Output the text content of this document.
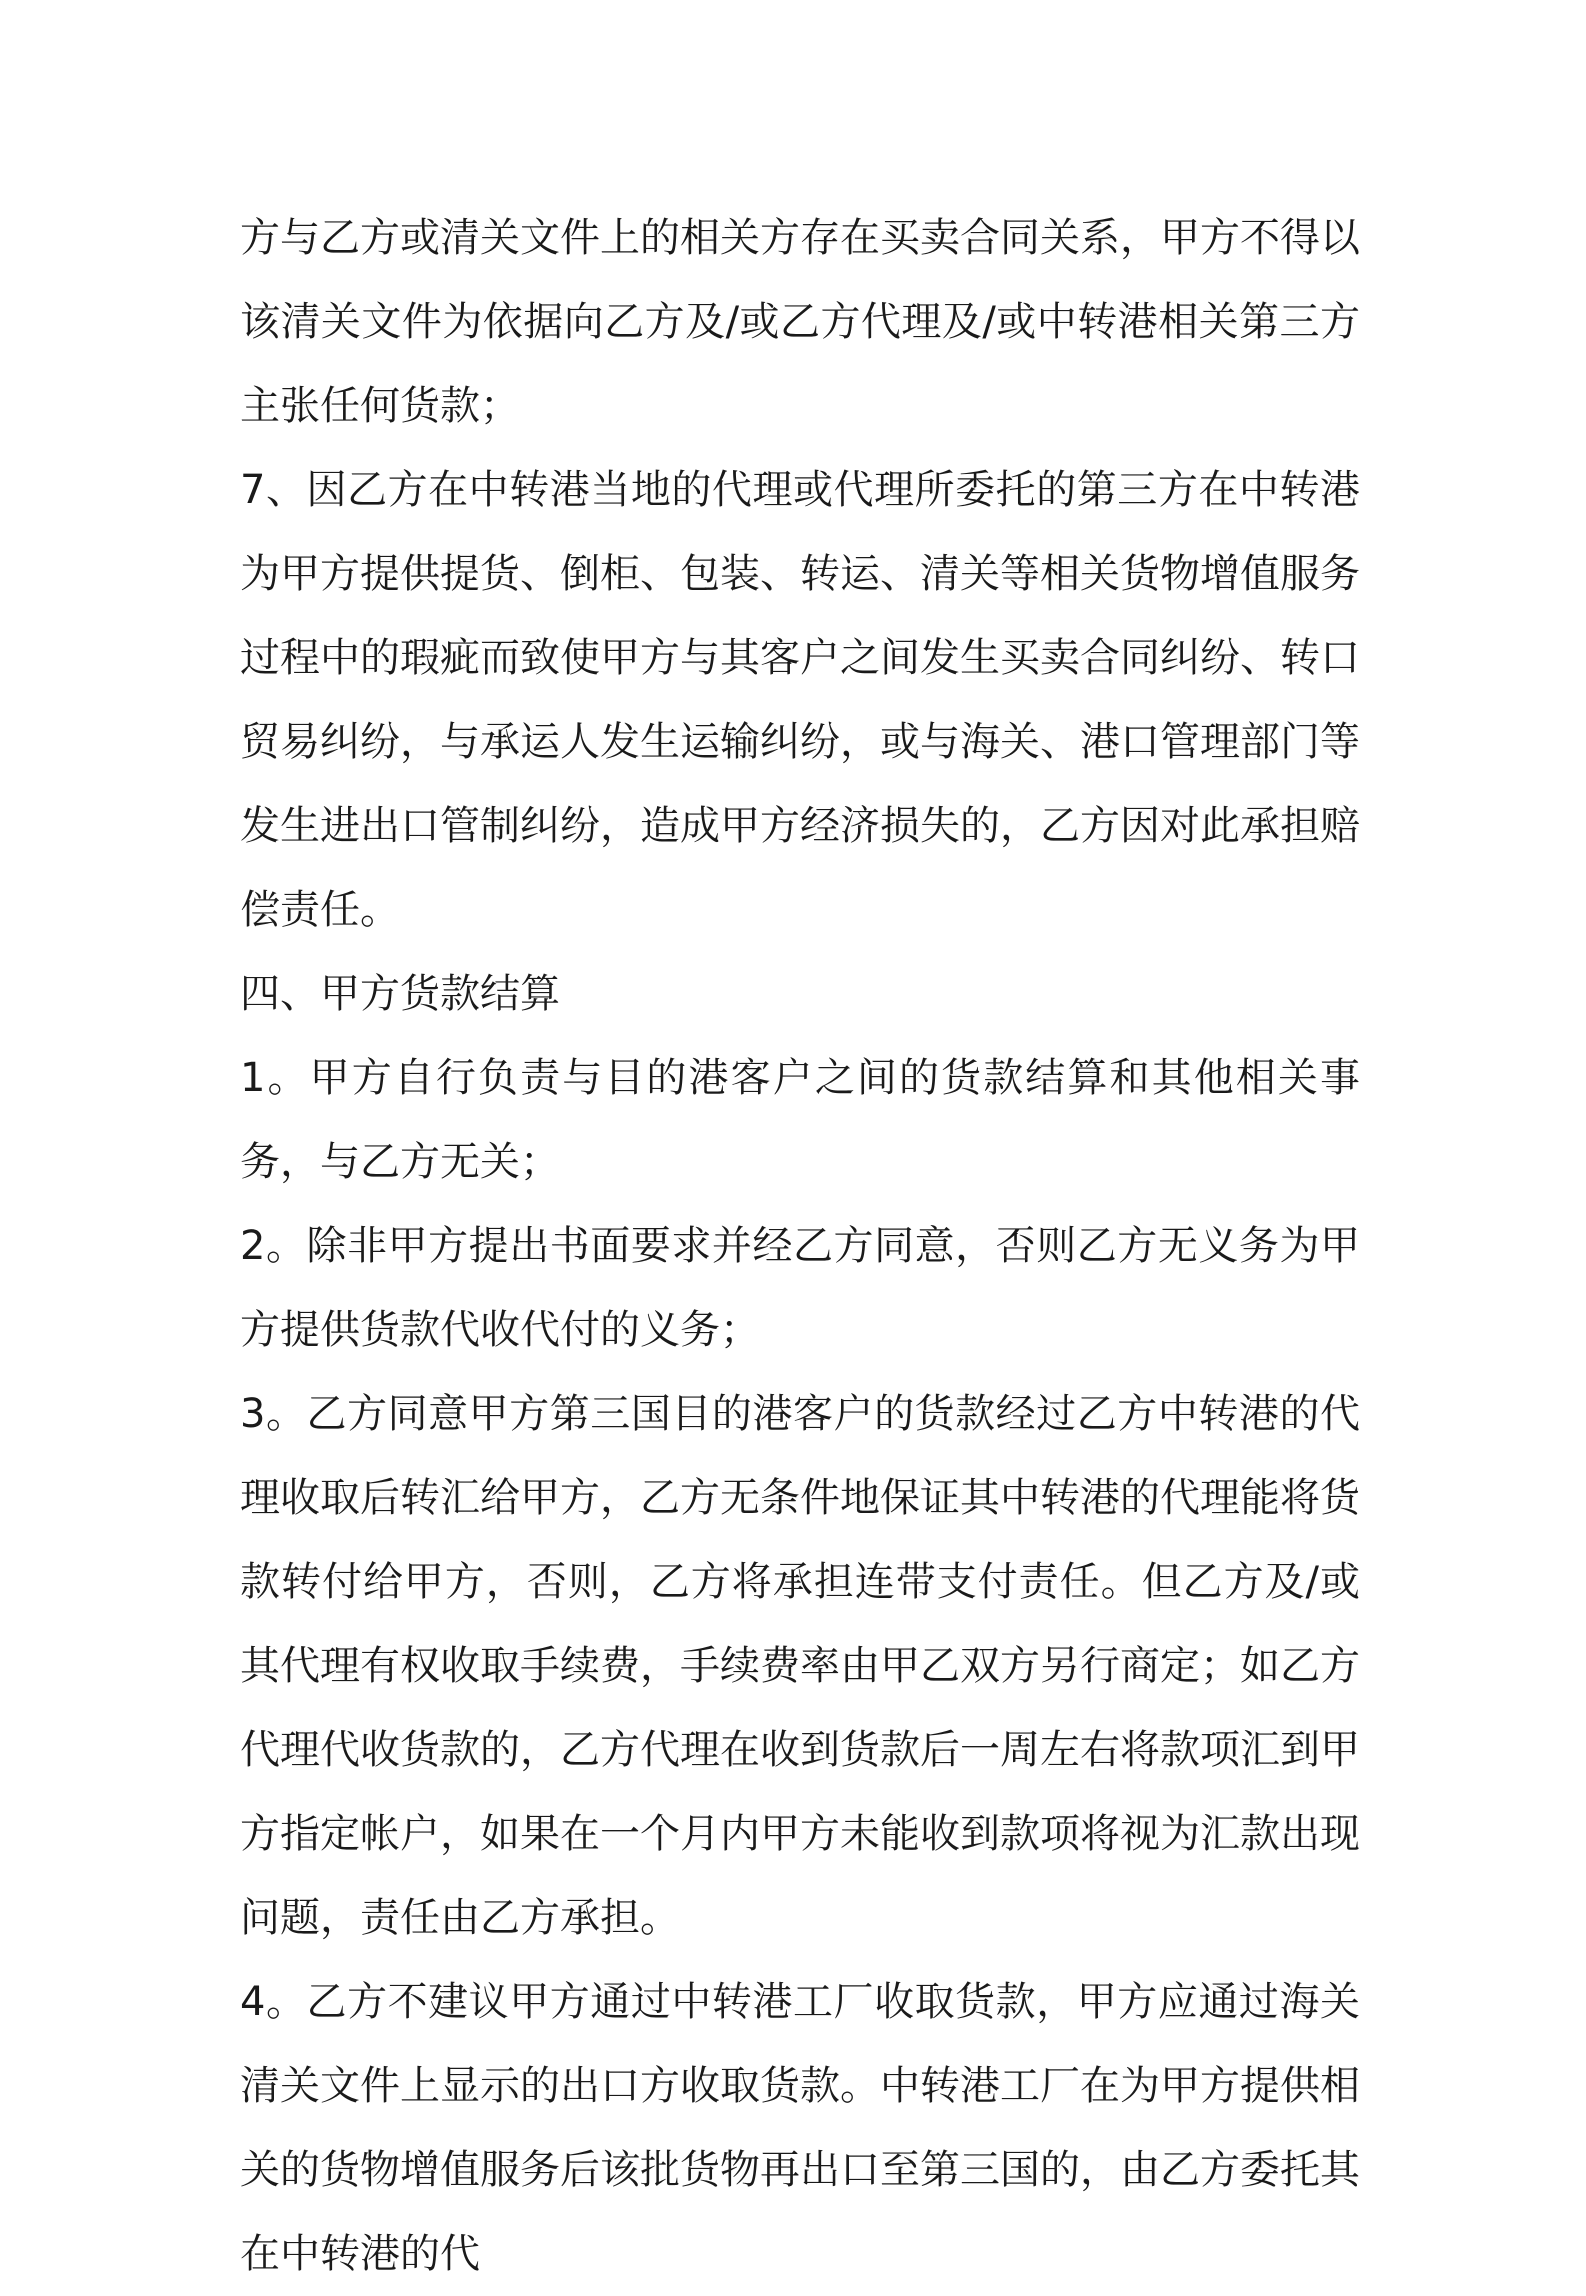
方与乙方或清关文件上的相关方存在买卖合同关系，甲方不得以该清关文件为依据向乙方及/或乙方代理及/或中转港相关第三方主张任何货款；

7、因乙方在中转港当地的代理或代理所委托的第三方在中转港为甲方提供提货、倒柜、包装、转运、清关等相关货物增值服务过程中的瑕疵而致使甲方与其客户之间发生买卖合同纠纷、转口贸易纠纷，与承运人发生运输纠纷，或与海关、港口管理部门等发生进出口管制纠纷，造成甲方经济损失的，乙方因对此承担赔偿责任。

四、甲方货款结算

1。甲方自行负责与目的港客户之间的货款结算和其他相关事务，与乙方无关；

2。除非甲方提出书面要求并经乙方同意，否则乙方无义务为甲方提供货款代收代付的义务；

3。乙方同意甲方第三国目的港客户的货款经过乙方中转港的代理收取后转汇给甲方，乙方无条件地保证其中转港的代理能将货款转付给甲方，否则，乙方将承担连带支付责任。但乙方及/或其代理有权收取手续费，手续费率由甲乙双方另行商定；如乙方代理代收货款的，乙方代理在收到货款后一周左右将款项汇到甲方指定帐户，如果在一个月内甲方未能收到款项将视为汇款出现问题，责任由乙方承担。

4。乙方不建议甲方通过中转港工厂收取货款，甲方应通过海关清关文件上显示的出口方收取货款。中转港工厂在为甲方提供相关的货物增值服务后该批货物再出口至第三国的，由乙方委托其在中转港的代
